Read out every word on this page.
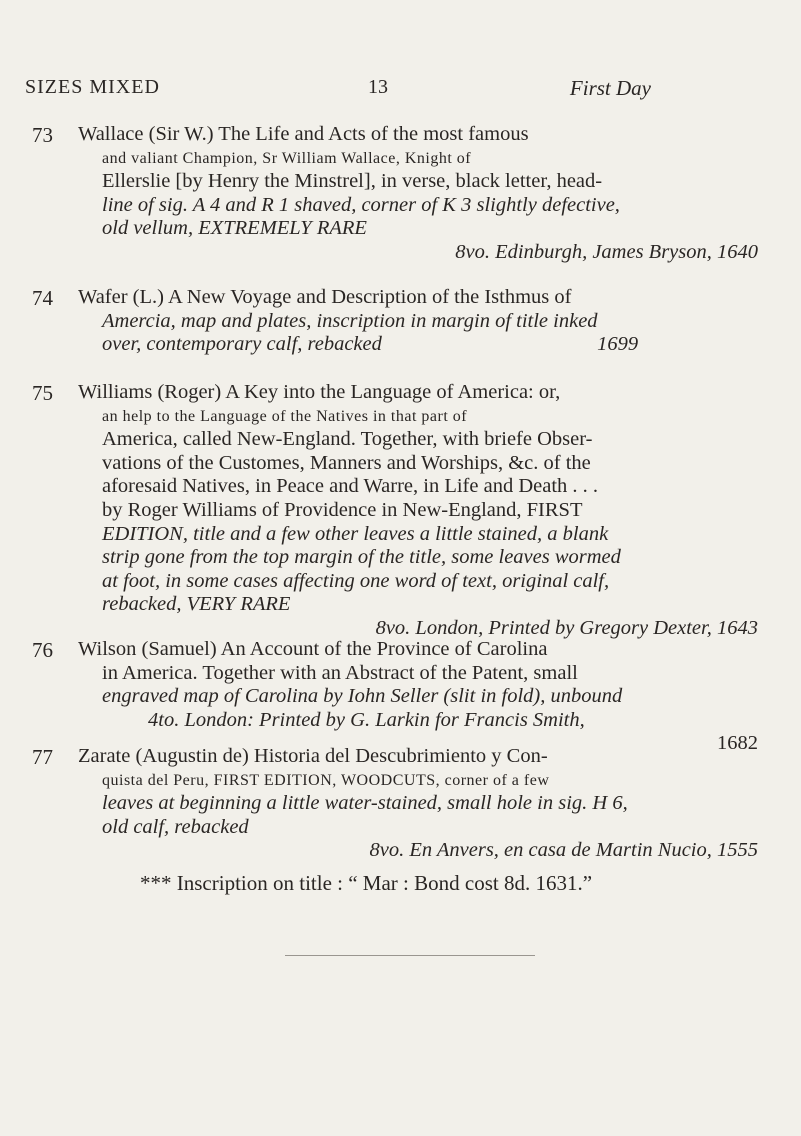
SIZES MIXED	13	First Day
73 Wallace (Sir W.) The Life and Acts of the most famous
and valiant Champion, Sr William Wallace, Knight of
Ellerslie [by Henry the Minstrel], in verse, black letter, head-
line of sig. A 4 and R 1 shaved, corner of K 3 slightly defective,
old vellum, EXTREMELY RARE
8vo. Edinburgh, James Bryson, 1640
74 Wafer (L.) A New Voyage and Description of the Isthmus of
Amercia, map and plates, inscription in margin of title inked
over, contemporary calf, rebacked                                          1699
75 Williams (Roger) A Key into the Language of America: or,
an help to the Language of the Natives in that part of
America, called New-England. Together, with briefe Obser-
vations of the Customes, Manners and Worships, &c. of the
aforesaid Natives, in Peace and Warre, in Life and Death . . .
by Roger Williams of Providence in New-England, FIRST
EDITION, title and a few other leaves a little stained, a blank
strip gone from the top margin of the title, some leaves wormed
at foot, in some cases affecting one word of text, original calf,
rebacked, VERY RARE
8vo. London, Printed by Gregory Dexter, 1643
76 Wilson (Samuel) An Account of the Province of Carolina
in America. Together with an Abstract of the Patent, small
engraved map of Carolina by Iohn Seller (slit in fold), unbound
4to. London: Printed by G. Larkin for Francis Smith,
1682
77 Zarate (Augustin de) Historia del Descubrimiento y Con-
quista del Peru, FIRST EDITION, WOODCUTS, corner of a few
leaves at beginning a little water-stained, small hole in sig. H 6,
old calf, rebacked
8vo. En Anvers, en casa de Martin Nucio, 1555
*** Inscription on title : “ Mar : Bond cost 8d. 1631.”
